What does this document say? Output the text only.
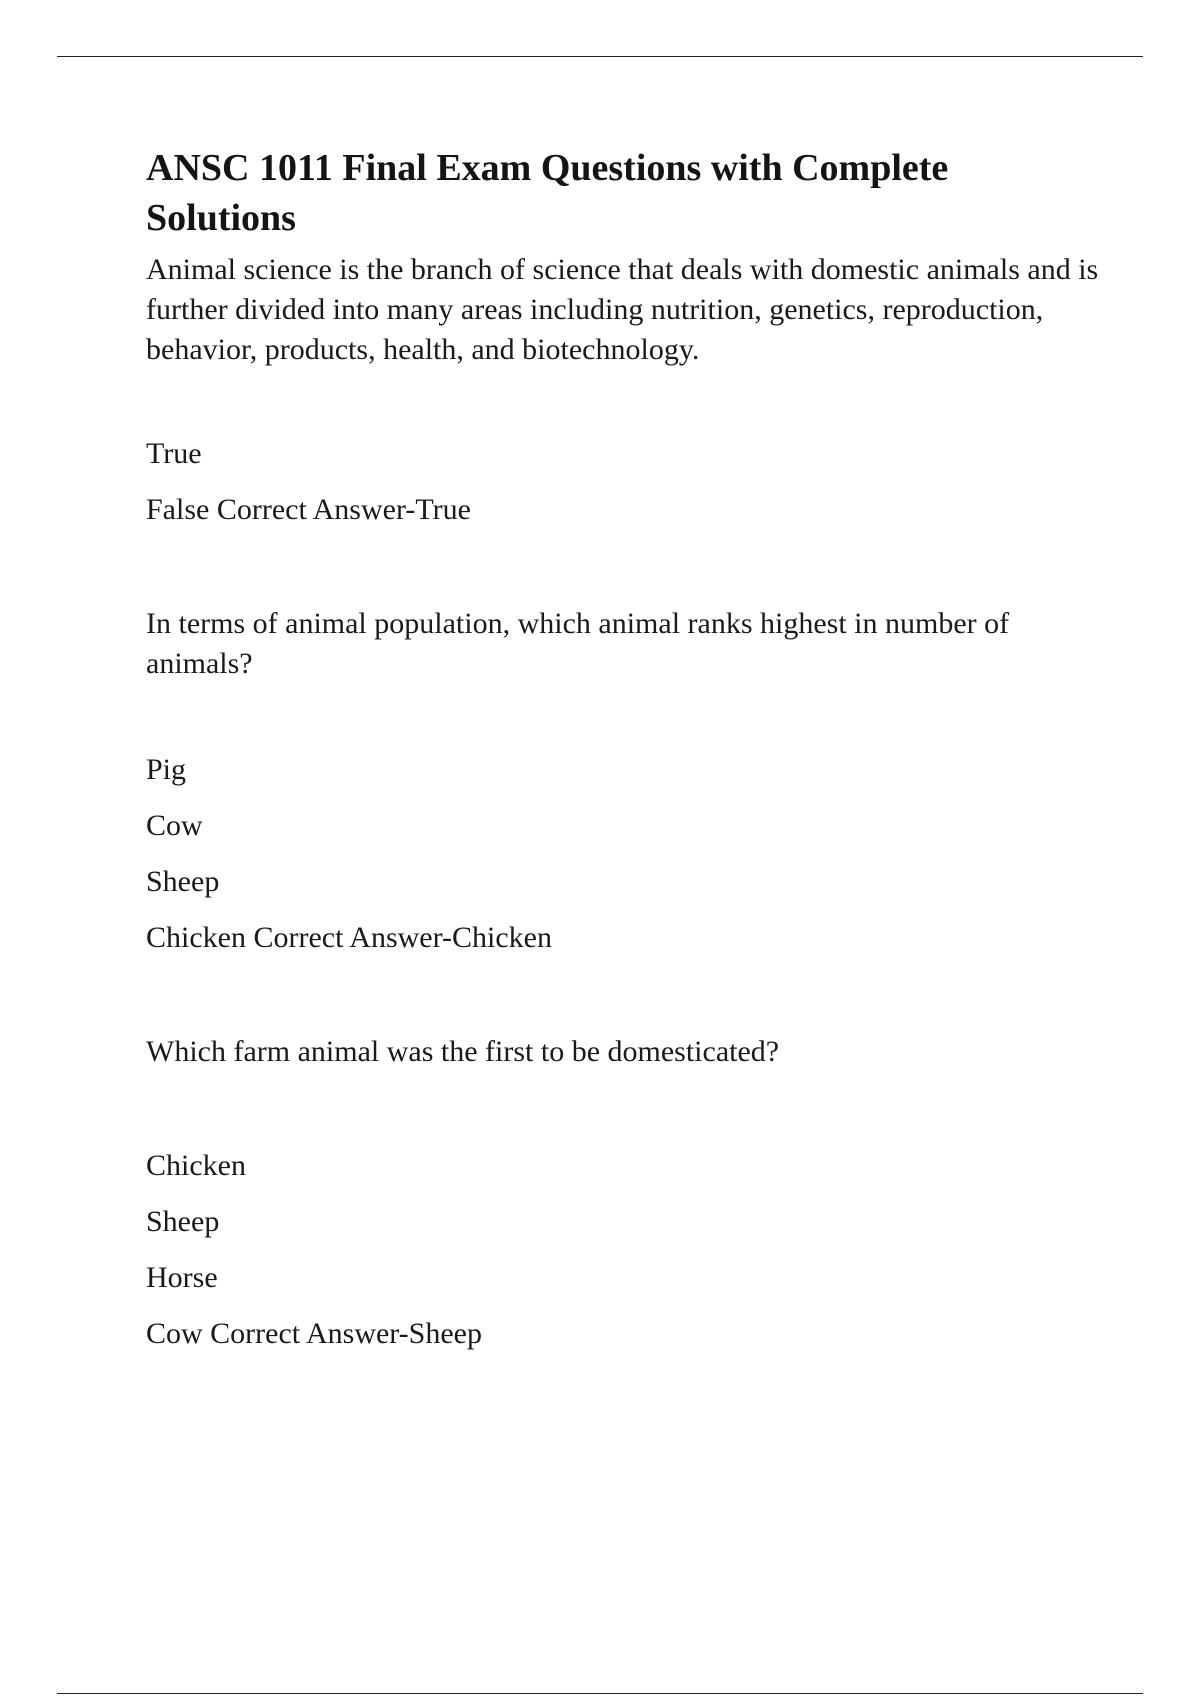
ANSC 1011 Final Exam Questions with Complete Solutions

Animal science is the branch of science that deals with domestic animals and is further divided into many areas including nutrition, genetics, reproduction, behavior, products, health, and biotechnology.

True

False Correct Answer-True

In terms of animal population, which animal ranks highest in number of animals?

Pig

Cow

Sheep

Chicken Correct Answer-Chicken

Which farm animal was the first to be domesticated?

Chicken

Sheep

Horse

Cow Correct Answer-Sheep
